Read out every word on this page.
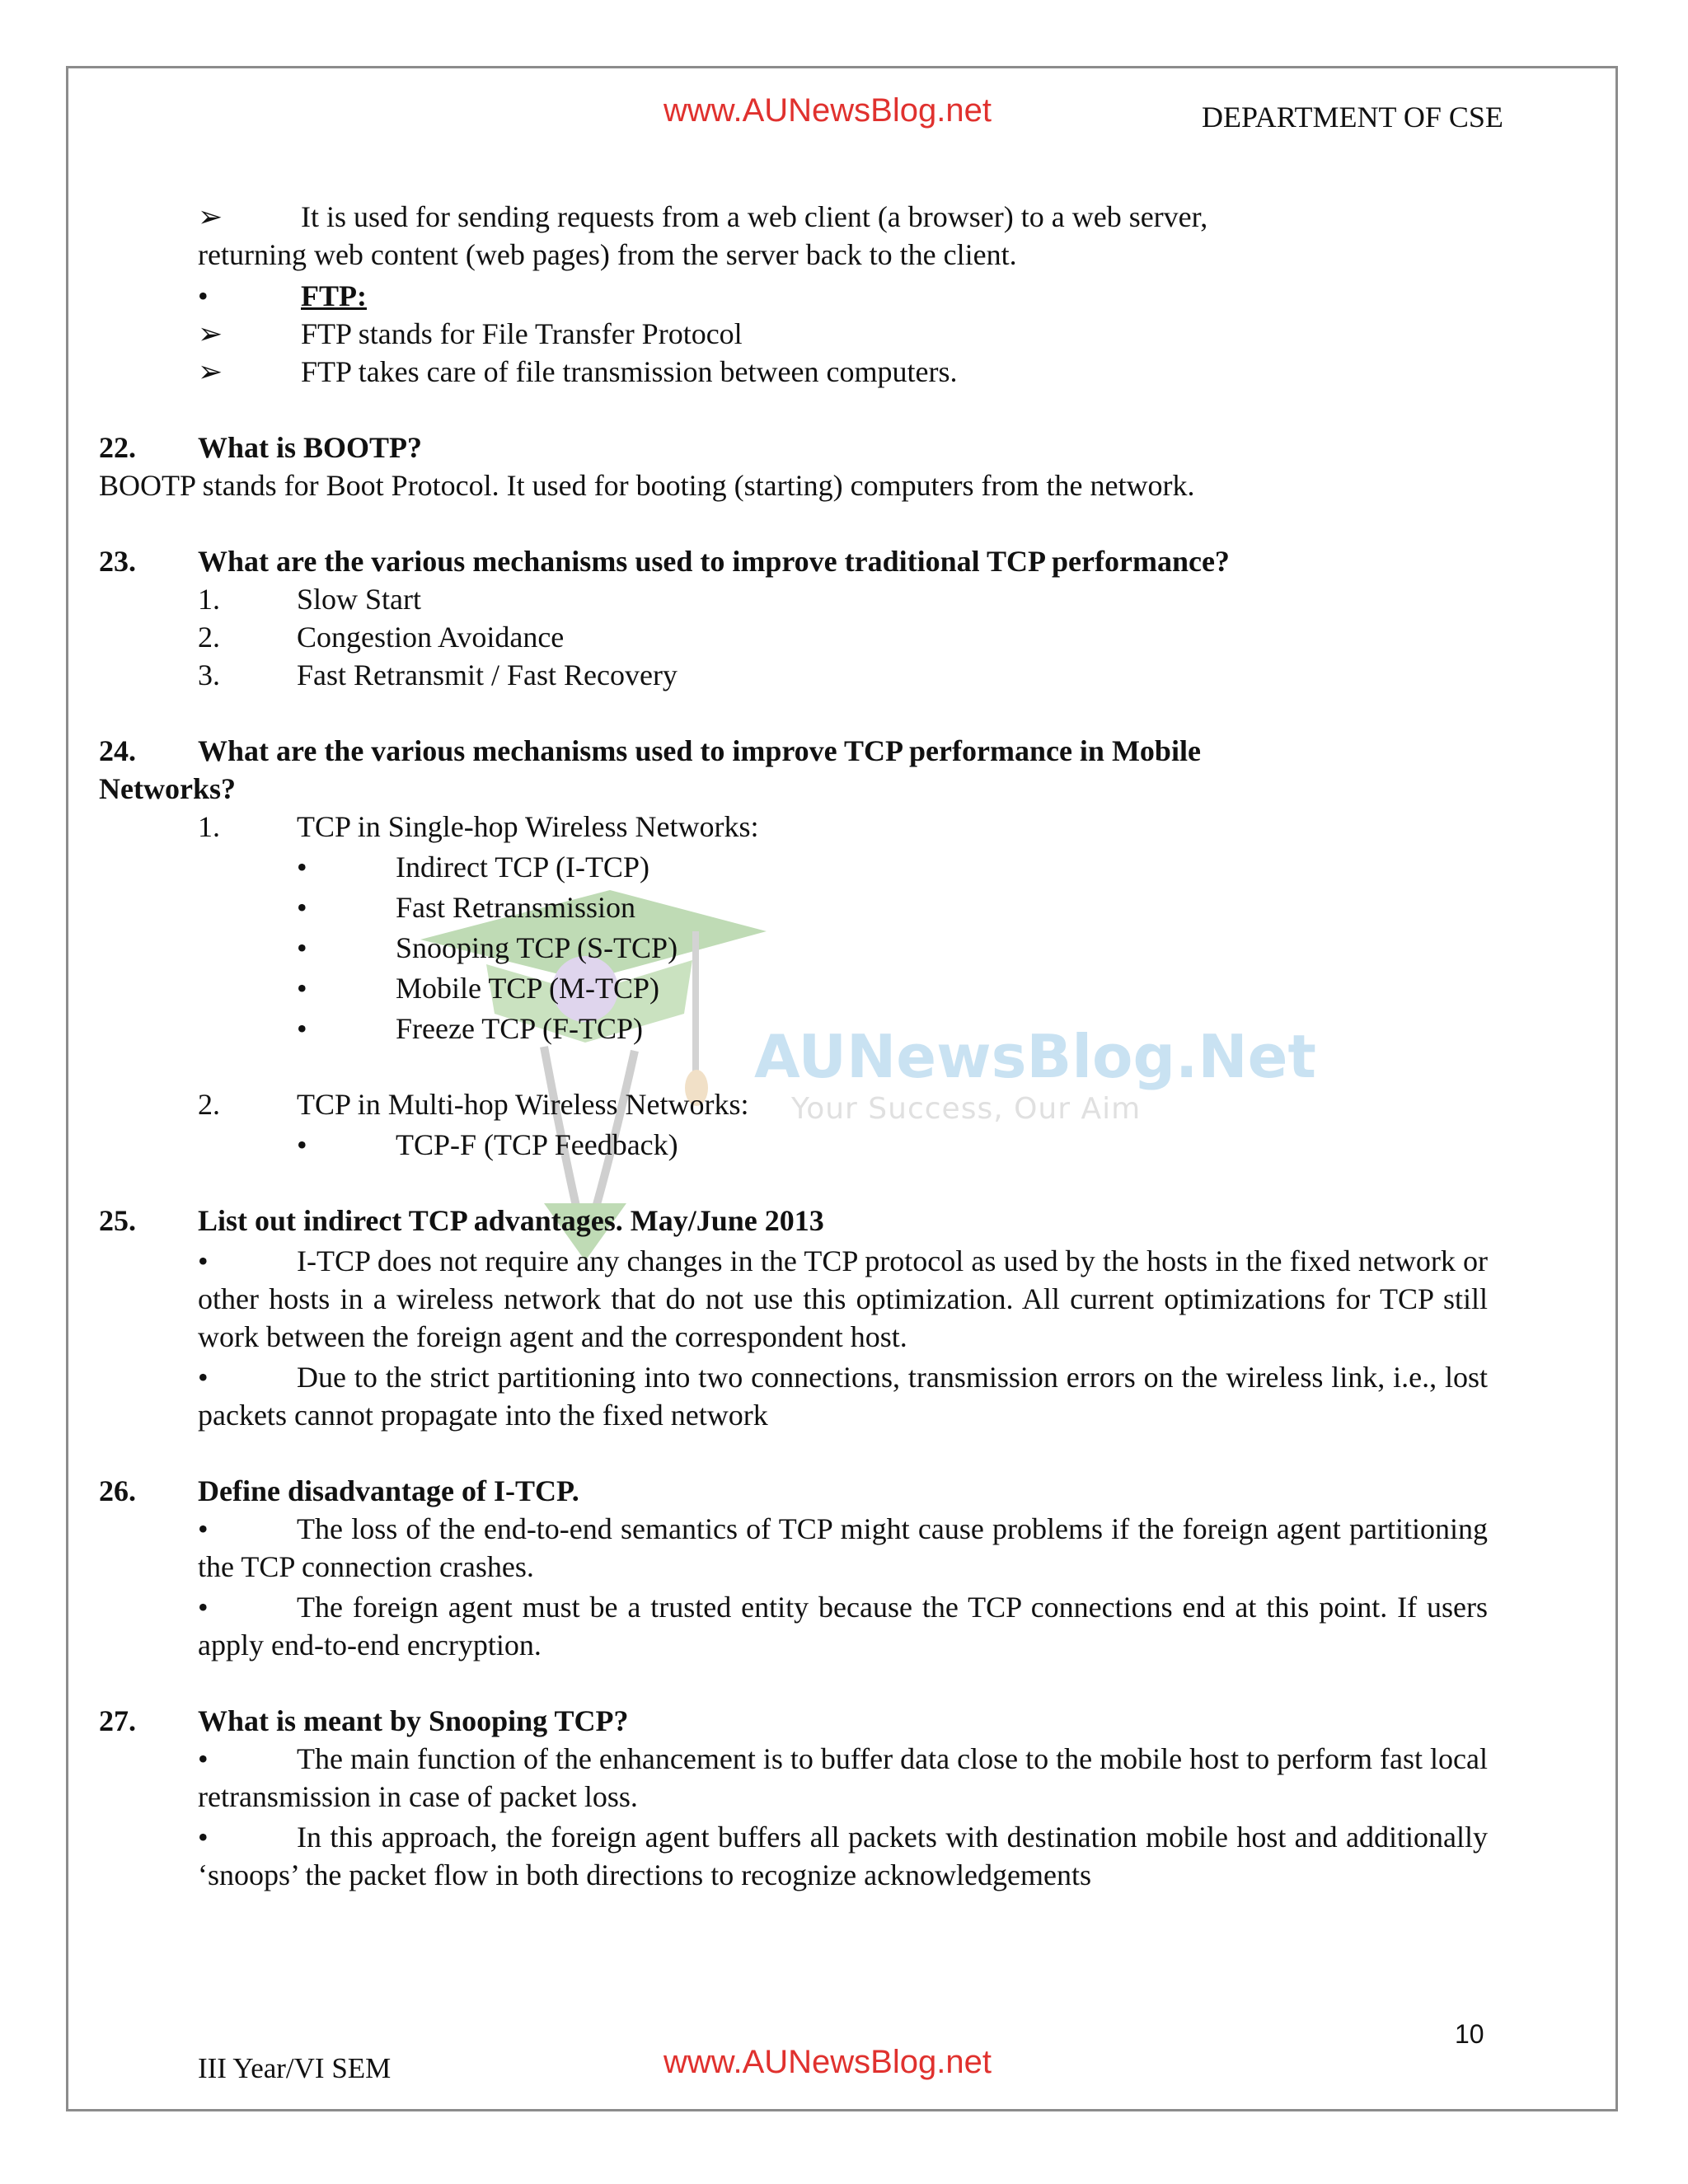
www.AUNewsBlog.net	DEPARTMENT OF CSE
AUNewsBlog.Net
Your Success, Our Aim
➢	It is used for sending requests from a web client (a browser) to a web server,
returning web content (web pages) from the server back to the client.
•	FTP:
➢	FTP stands for File Transfer Protocol
➢	FTP takes care of file transmission between computers.
22. What is BOOTP?
BOOTP stands for Boot Protocol. It used for booting (starting) computers from the network.
23. What are the various mechanisms used to improve traditional TCP performance?
1.	Slow Start
2.	Congestion Avoidance
3.	Fast Retransmit / Fast Recovery
24. What are the various mechanisms used to improve TCP performance in Mobile
Networks?
1.	TCP in Single-hop Wireless Networks:
•	Indirect TCP (I-TCP)
•	Fast Retransmission
•	Snooping TCP (S-TCP)
•	Mobile TCP (M-TCP)
•	Freeze TCP (F-TCP)
2.	TCP in Multi-hop Wireless Networks:
•	TCP-F (TCP Feedback)
25. List out indirect TCP advantages. May/June 2013
•	I-TCP does not require any changes in the TCP protocol as used by the hosts in the fixed network or other hosts in a wireless network that do not use this optimization. All current optimizations for TCP still work between the foreign agent and the correspondent host.
•	Due to the strict partitioning into two connections, transmission errors on the wireless link, i.e., lost packets cannot propagate into the fixed network
26. Define disadvantage of I-TCP.
•	The loss of the end-to-end semantics of TCP might cause problems if the foreign agent partitioning the TCP connection crashes.
•	The foreign agent must be a trusted entity because the TCP connections end at this point. If users apply end-to-end encryption.
27. What is meant by Snooping TCP?
•	The main function of the enhancement is to buffer data close to the mobile host to perform fast local retransmission in case of packet loss.
•	In this approach, the foreign agent buffers all packets with destination mobile host and additionally ‘snoops’ the packet flow in both directions to recognize acknowledgements
10
III Year/VI SEM	www.AUNewsBlog.net
